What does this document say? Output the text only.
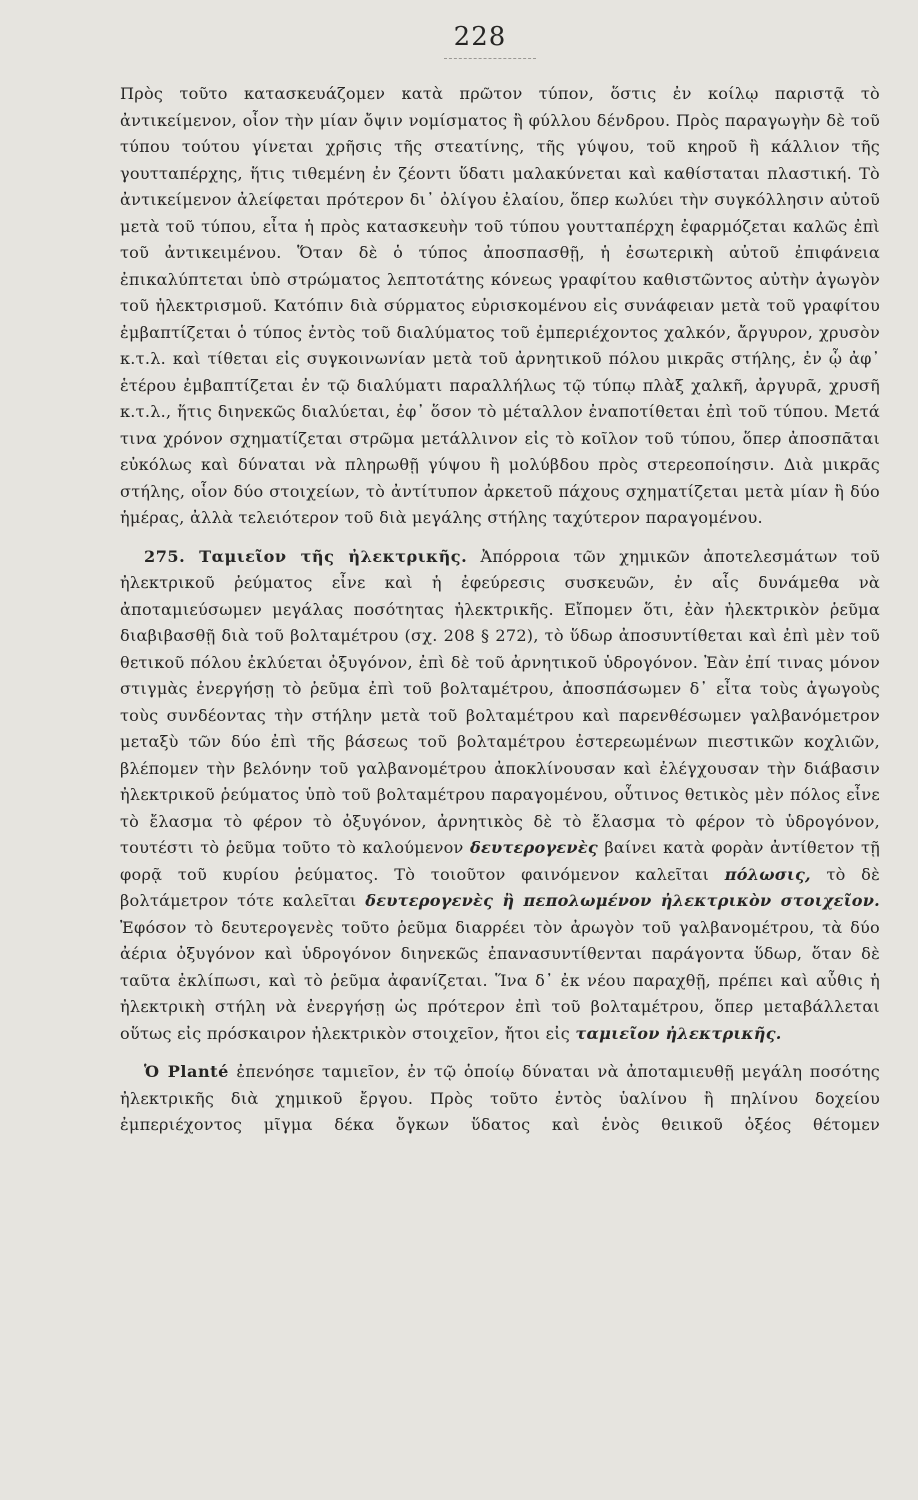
228

Πρὸς τοῦτο κατασκευάζομεν κατὰ πρῶτον τύπον, ὅστις ἐν κοίλῳ παριστᾷ τὸ ἀντικείμενον, οἷον τὴν μίαν ὄψιν νομίσματος ἢ φύλλου δένδρου. Πρὸς παραγωγὴν δὲ τοῦ τύπου τούτου γίνεται χρῆσις τῆς στεατίνης, τῆς γύψου, τοῦ κηροῦ ἢ κάλλιον τῆς γουτταπέρχης, ἥτις τιθεμένη ἐν ζέοντι ὕδατι μαλακύνεται καὶ καθίσταται πλαστική. Τὸ ἀντικείμενον ἀλείφεται πρότερον δι᾽ ὀλίγου ἐλαίου, ὅπερ κωλύει τὴν συγκόλλησιν αὐτοῦ μετὰ τοῦ τύπου, εἶτα ἡ πρὸς κατασκευὴν τοῦ τύπου γουτταπέρχη ἐφαρμόζεται καλῶς ἐπὶ τοῦ ἀντικειμένου. Ὅταν δὲ ὁ τύπος ἀποσπασθῇ, ἡ ἐσωτερικὴ αὐτοῦ ἐπιφάνεια ἐπικαλύπτεται ὑπὸ στρώματος λεπτοτάτης κόνεως γραφίτου καθιστῶντος αὐτὴν ἀγωγὸν τοῦ ἠλεκτρισμοῦ. Κατόπιν διὰ σύρματος εὑρισκομένου εἰς συνάφειαν μετὰ τοῦ γραφίτου ἐμβαπτίζεται ὁ τύπος ἐντὸς τοῦ διαλύματος τοῦ ἐμπεριέχοντος χαλκόν, ἄργυρον, χρυσὸν κ.τ.λ. καὶ τίθεται εἰς συγκοινωνίαν μετὰ τοῦ ἀρνητικοῦ πόλου μικρᾶς στήλης, ἐν ᾧ ἀφ᾽ ἑτέρου ἐμβαπτίζεται ἐν τῷ διαλύματι παραλλήλως τῷ τύπῳ πλὰξ χαλκῆ, ἀργυρᾶ, χρυσῆ κ.τ.λ., ἥτις διηνεκῶς διαλύεται, ἐφ᾽ ὅσον τὸ μέταλλον ἐναποτίθεται ἐπὶ τοῦ τύπου. Μετά τινα χρόνον σχηματίζεται στρῶμα μετάλλινον εἰς τὸ κοῖλον τοῦ τύπου, ὅπερ ἀποσπᾶται εὐκόλως καὶ δύναται νὰ πληρωθῇ γύψου ἢ μολύβδου πρὸς στερεοποίησιν. Διὰ μικρᾶς στήλης, οἷον δύο στοιχείων, τὸ ἀντίτυπον ἀρκετοῦ πάχους σχηματίζεται μετὰ μίαν ἢ δύο ἡμέρας, ἀλλὰ τελειότερον τοῦ διὰ μεγάλης στήλης ταχύτερον παραγομένου.

275. Ταμιεῖον τῆς ἠλεκτρικῆς. Ἀπόρροια τῶν χημικῶν ἀποτελεσμάτων τοῦ ἠλεκτρικοῦ ῥεύματος εἶνε καὶ ἡ ἐφεύρεσις συσκευῶν, ἐν αἷς δυνάμεθα νὰ ἀποταμιεύσωμεν μεγάλας ποσότητας ἠλεκτρικῆς. Εἴπομεν ὅτι, ἐὰν ἠλεκτρικὸν ῥεῦμα διαβιβασθῇ διὰ τοῦ βολταμέτρου (σχ. 208 § 272), τὸ ὕδωρ ἀποσυντίθεται καὶ ἐπὶ μὲν τοῦ θετικοῦ πόλου ἐκλύεται ὀξυγόνον, ἐπὶ δὲ τοῦ ἀρνητικοῦ ὑδρογόνον. Ἐὰν ἐπί τινας μόνον στιγμὰς ἐνεργήσῃ τὸ ῥεῦμα ἐπὶ τοῦ βολταμέτρου, ἀποσπάσωμεν δ᾽ εἶτα τοὺς ἀγωγοὺς τοὺς συνδέοντας τὴν στήλην μετὰ τοῦ βολταμέτρου καὶ παρενθέσωμεν γαλβανόμετρον μεταξὺ τῶν δύο ἐπὶ τῆς βάσεως τοῦ βολταμέτρου ἐστερεωμένων πιεστικῶν κοχλιῶν, βλέπομεν τὴν βελόνην τοῦ γαλβανομέτρου ἀποκλίνουσαν καὶ ἐλέγχουσαν τὴν διάβασιν ἠλεκτρικοῦ ῥεύματος ὑπὸ τοῦ βολταμέτρου παραγομένου, οὗτινος θετικὸς μὲν πόλος εἶνε τὸ ἔλασμα τὸ φέρον τὸ ὀξυγόνον, ἀρνητικὸς δὲ τὸ ἔλασμα τὸ φέρον τὸ ὑδρογόνον, τουτέστι τὸ ῥεῦμα τοῦτο τὸ καλούμενον δευτερογενὲς βαίνει κατὰ φορὰν ἀντίθετον τῇ φορᾷ τοῦ κυρίου ῥεύματος. Τὸ τοιοῦτον φαινόμενον καλεῖται πόλωσις, τὸ δὲ βολτάμετρον τότε καλεῖται δευτερογενὲς ἢ πεπολωμένον ἠλεκτρικὸν στοιχεῖον. Ἐφόσον τὸ δευτερογενὲς τοῦτο ῥεῦμα διαρρέει τὸν ἀρωγὸν τοῦ γαλβανομέτρου, τὰ δύο ἀέρια ὀξυγόνον καὶ ὑδρογόνον διηνεκῶς ἐπανασυντίθενται παράγοντα ὕδωρ, ὅταν δὲ ταῦτα ἐκλίπωσι, καὶ τὸ ῥεῦμα ἀφανίζεται. Ἵνα δ᾽ ἐκ νέου παραχθῇ, πρέπει καὶ αὖθις ἡ ἠλεκτρικὴ στήλη νὰ ἐνεργήσῃ ὡς πρότερον ἐπὶ τοῦ βολταμέτρου, ὅπερ μεταβάλλεται οὕτως εἰς πρόσκαιρον ἠλεκτρικὸν στοιχεῖον, ἤτοι εἰς ταμιεῖον ἠλεκτρικῆς.

Ὁ Planté ἐπενόησε ταμιεῖον, ἐν τῷ ὁποίῳ δύναται νὰ ἀποταμιευθῇ μεγάλη ποσότης ἠλεκτρικῆς διὰ χημικοῦ ἔργου. Πρὸς τοῦτο ἐντὸς ὑαλίνου ἢ πηλίνου δοχείου ἐμπεριέχοντος μῖγμα δέκα ὄγκων ὕδατος καὶ ἑνὸς θειικοῦ ὀξέος θέτομεν
